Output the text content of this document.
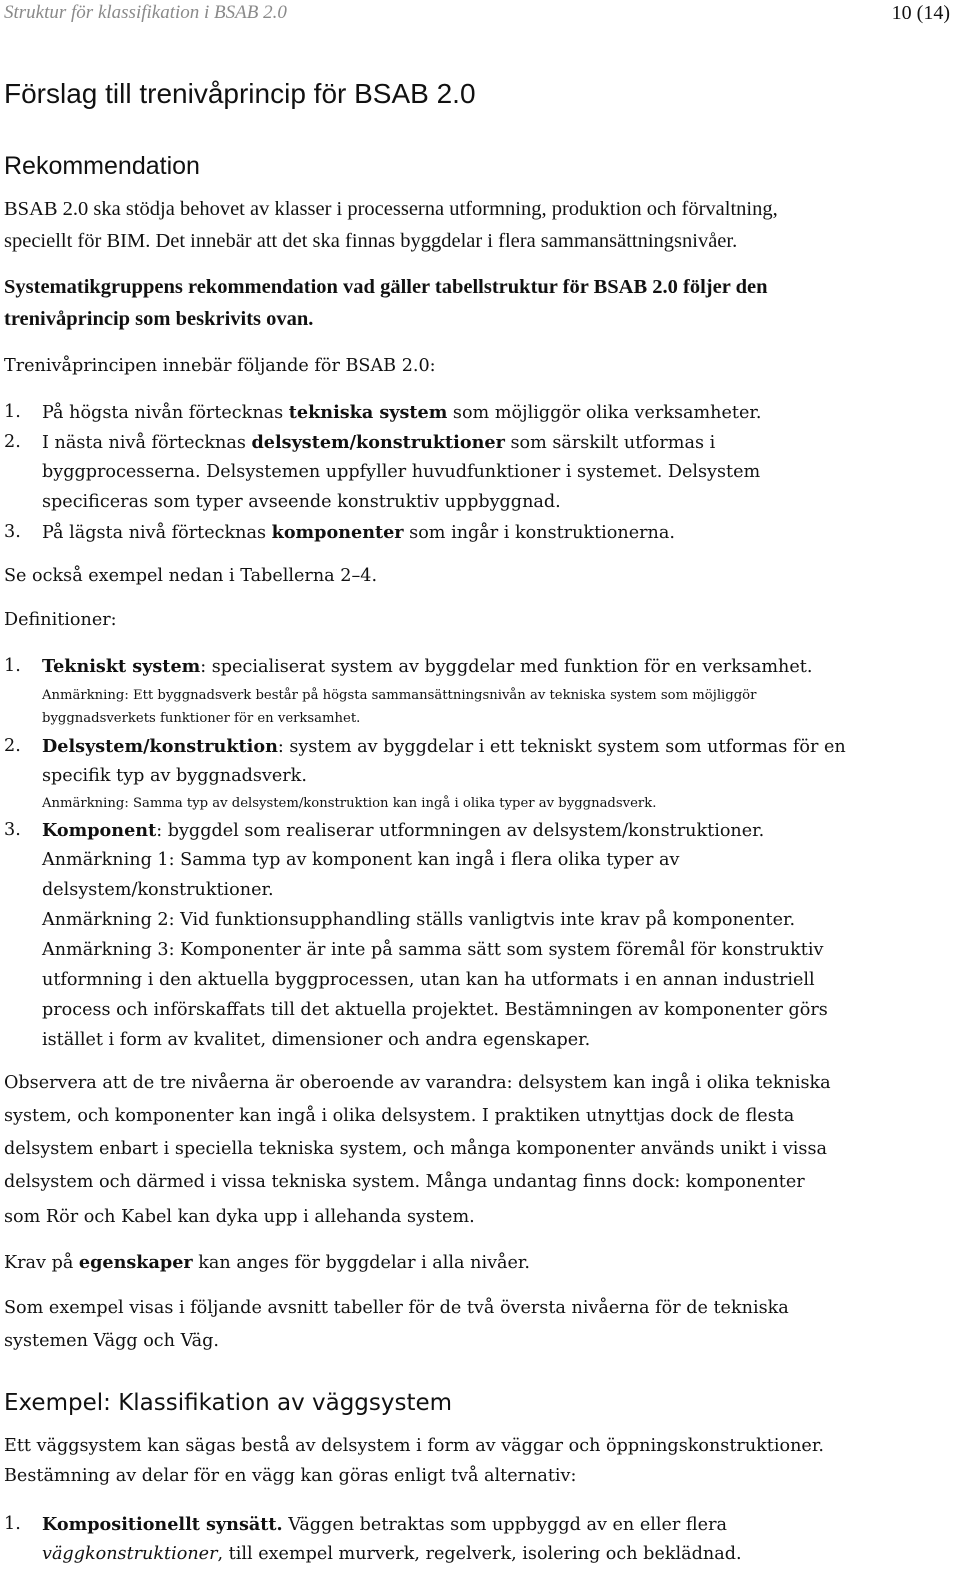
Struktur för klassifikation i BSAB 2.0	10 (14)
Förslag till trenivåprincip för BSAB 2.0
Rekommendation
BSAB 2.0 ska stödja behovet av klasser i processerna utformning, produktion och förvaltning,
speciellt för BIM. Det innebär att det ska finnas byggdelar i flera sammansättningsnivåer.
Systematikgruppens rekommendation vad gäller tabellstruktur för BSAB 2.0 följer den
trenivåprincip som beskrivits ovan.
Trenivåprincipen innebär följande för BSAB 2.0:
1. På högsta nivån förtecknas tekniska system som möjliggör olika verksamheter.
2. I nästa nivå förtecknas delsystem/konstruktioner som särskilt utformas i
byggprocesserna. Delsystemen uppfyller huvudfunktioner i systemet. Delsystem
specificeras som typer avseende konstruktiv uppbyggnad.
3. På lägsta nivå förtecknas komponenter som ingår i konstruktionerna.
Se också exempel nedan i Tabellerna 2–4.
Definitioner:
1. Tekniskt system: specialiserat system av byggdelar med funktion för en verksamhet.
Anmärkning: Ett byggnadsverk består på högsta sammansättningsnivån av tekniska system som möjliggör
byggnadsverkets funktioner för en verksamhet.
2. Delsystem/konstruktion: system av byggdelar i ett tekniskt system som utformas för en
specifik typ av byggnadsverk.
Anmärkning: Samma typ av delsystem/konstruktion kan ingå i olika typer av byggnadsverk.
3. Komponent: byggdel som realiserar utformningen av delsystem/konstruktioner.
Anmärkning 1: Samma typ av komponent kan ingå i flera olika typer av
delsystem/konstruktioner.
Anmärkning 2: Vid funktionsupphandling ställs vanligtvis inte krav på komponenter.
Anmärkning 3: Komponenter är inte på samma sätt som system föremål för konstruktiv
utformning i den aktuella byggprocessen, utan kan ha utformats i en annan industriell
process och införskaffats till det aktuella projektet. Bestämningen av komponenter görs
istället i form av kvalitet, dimensioner och andra egenskaper.
Observera att de tre nivåerna är oberoende av varandra: delsystem kan ingå i olika tekniska
system, och komponenter kan ingå i olika delsystem. I praktiken utnyttjas dock de flesta
delsystem enbart i speciella tekniska system, och många komponenter används unikt i vissa
delsystem och därmed i vissa tekniska system. Många undantag finns dock: komponenter
som Rör och Kabel kan dyka upp i allehanda system.
Krav på egenskaper kan anges för byggdelar i alla nivåer.
Som exempel visas i följande avsnitt tabeller för de två översta nivåerna för de tekniska
systemen Vägg och Väg.
Exempel: Klassifikation av väggsystem
Ett väggsystem kan sägas bestå av delsystem i form av väggar och öppningskonstruktioner.
Bestämning av delar för en vägg kan göras enligt två alternativ:
1. Kompositionellt synsätt. Väggen betraktas som uppbyggd av en eller flera
väggkonstruktioner, till exempel murverk, regelverk, isolering och beklädnad.
